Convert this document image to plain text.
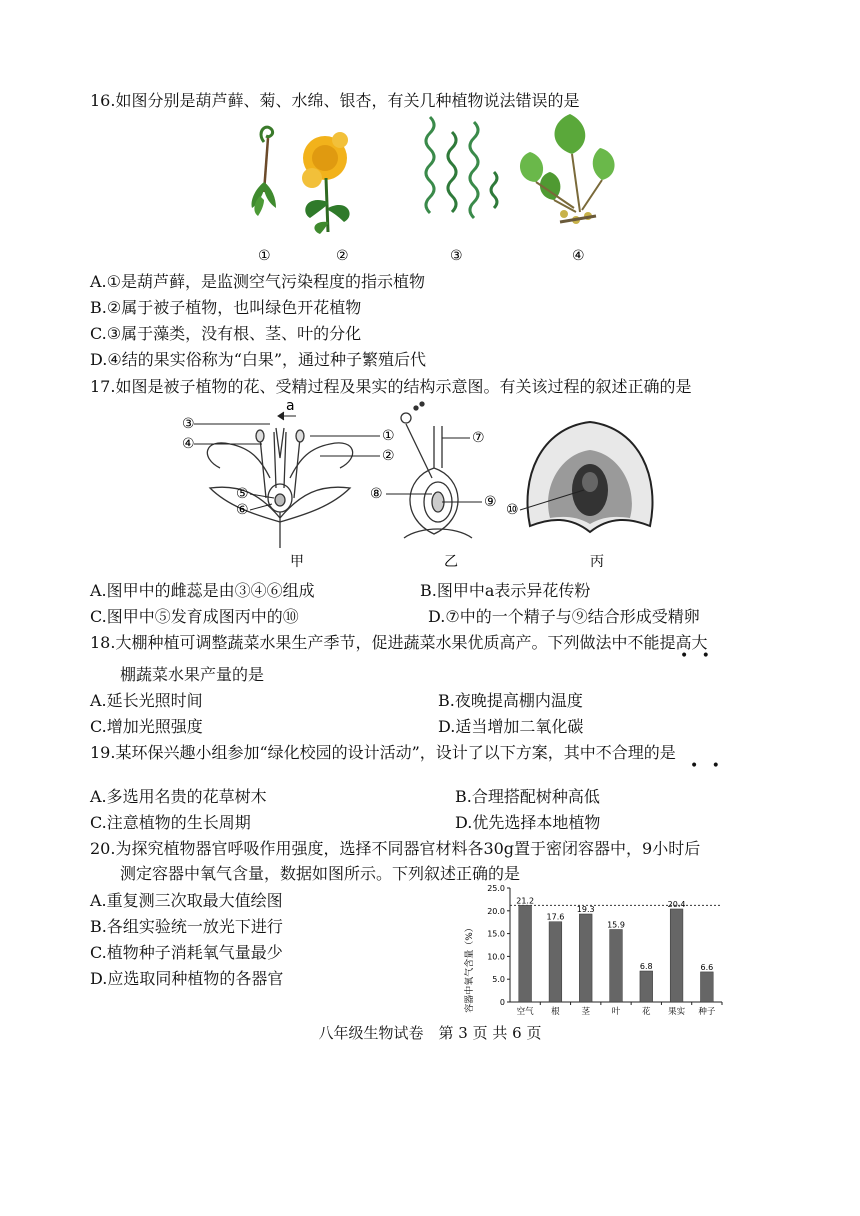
16.如图分别是葫芦藓、菊、水绵、银杏，有关几种植物说法错误的是
①	②	③	④
A.①是葫芦藓，是监测空气污染程度的指示植物
B.②属于被子植物，也叫绿色开花植物
C.③属于藻类，没有根、茎、叶的分化
D.④结的果实俗称为“白果”，通过种子繁殖后代
17.如图是被子植物的花、受精过程及果实的结构示意图。有关该过程的叙述正确的是
③
④	①
②
⑤
⑥
a
⑦
⑧	⑨ ⑩
甲	乙	丙
A.图甲中的雌蕊是由③④⑥组成	B.图甲中a表示异花传粉
C.图甲中⑤发育成图丙中的⑩	D.⑦中的一个精子与⑨结合形成受精卵
18.大棚种植可调整蔬菜水果生产季节，促进蔬菜水果优质高产。下列做法中不能提高大
•   •
棚蔬菜水果产量的是
A.延长光照时间	B.夜晚提高棚内温度
C.增加光照强度	D.适当增加二氧化碳
19.某环保兴趣小组参加“绿化校园的设计活动”，设计了以下方案，其中不合理的是
•   •
A.多选用名贵的花草树木	B.合理搭配树种高低
C.注意植物的生长周期	D.优先选择本地植物
20.为探究植物器官呼吸作用强度，选择不同器官材料各30g置于密闭容器中，9小时后
测定容器中氧气含量，数据如图所示。下列叙述正确的是
A.重复测三次取最大值绘图
B.各组实验统一放光下进行
C.植物种子消耗氧气量最少
D.应选取同种植物的各器官	容器中氧气含量（%）	0
5.0
10.0
15.0
20.0
25.0
21.2
空气
17.6
根
19.3
茎
15.9
叶
6.8
花
20.4
果实
6.6
种子
八年级生物试卷　第 3 页 共 6 页
